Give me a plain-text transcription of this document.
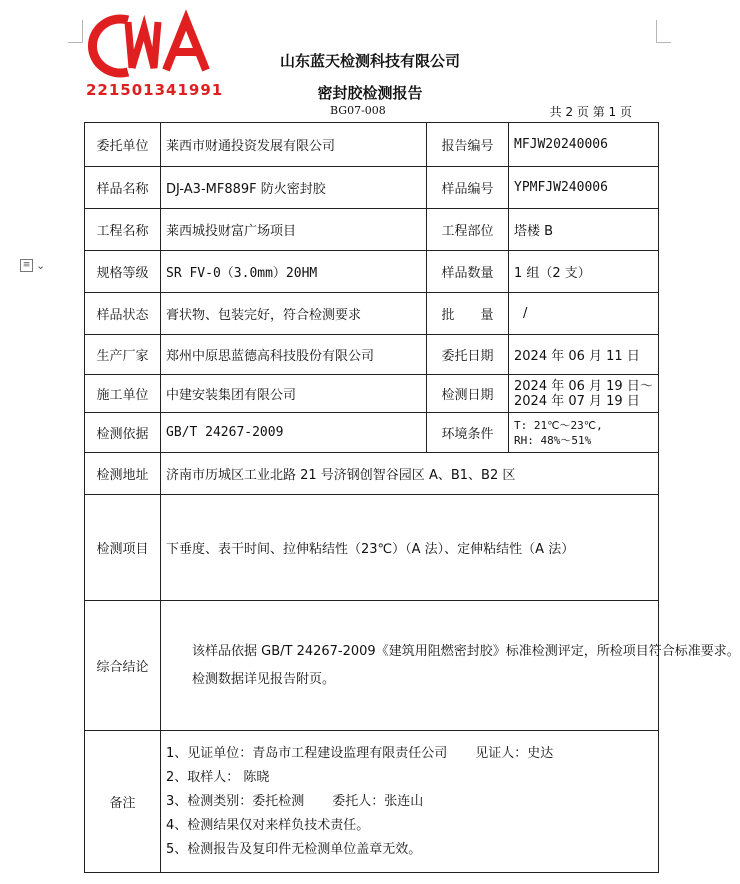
CMA
221501341991
山东蓝天检测科技有限公司
密封胶检测报告
BG07-008	共 2 页 第 1 页
≡ ⌄
委托单位	莱西市财通投资发展有限公司	报告编号	MFJW20240006
样品名称	DJ-A3-MF889F 防火密封胶	样品编号	YPMFJW240006
工程名称	莱西城投财富广场项目	工程部位	塔楼 B
规格等级	SR FV-0（3.0mm）20HM	样品数量	1 组（2 支）
样品状态	膏状物、包装完好，符合检测要求	批　　量	/
生产厂家	郑州中原思蓝德高科技股份有限公司	委托日期	2024 年 06 月 11 日
施工单位	中建安装集团有限公司	检测日期	2024 年 06 月 19 日～
2024 年 07 月 19 日

检测依据	GB/T 24267-2009	环境条件	T: 21℃～23℃,
RH: 48%～51%

检测地址	济南市历城区工业北路 21 号济钢创智谷园区 A、B1、B2 区		
检测项目	下垂度、表干时间、拉伸粘结性（23℃）（A 法）、定伸粘结性（A 法）		
综合结论	该样品依据 GB/T 24267-2009《建筑用阻燃密封胶》标准检测评定，所检项目符合标准要求。

检测数据详见报告附页。		

备注	1、见证单位：青岛市工程建设监理有限责任公司 见证人：史达
2、取样人： 陈晓
3、检测类别：委托检测 委托人：张连山
4、检测结果仅对来样负技术责任。
5、检测报告及复印件无检测单位盖章无效。		
